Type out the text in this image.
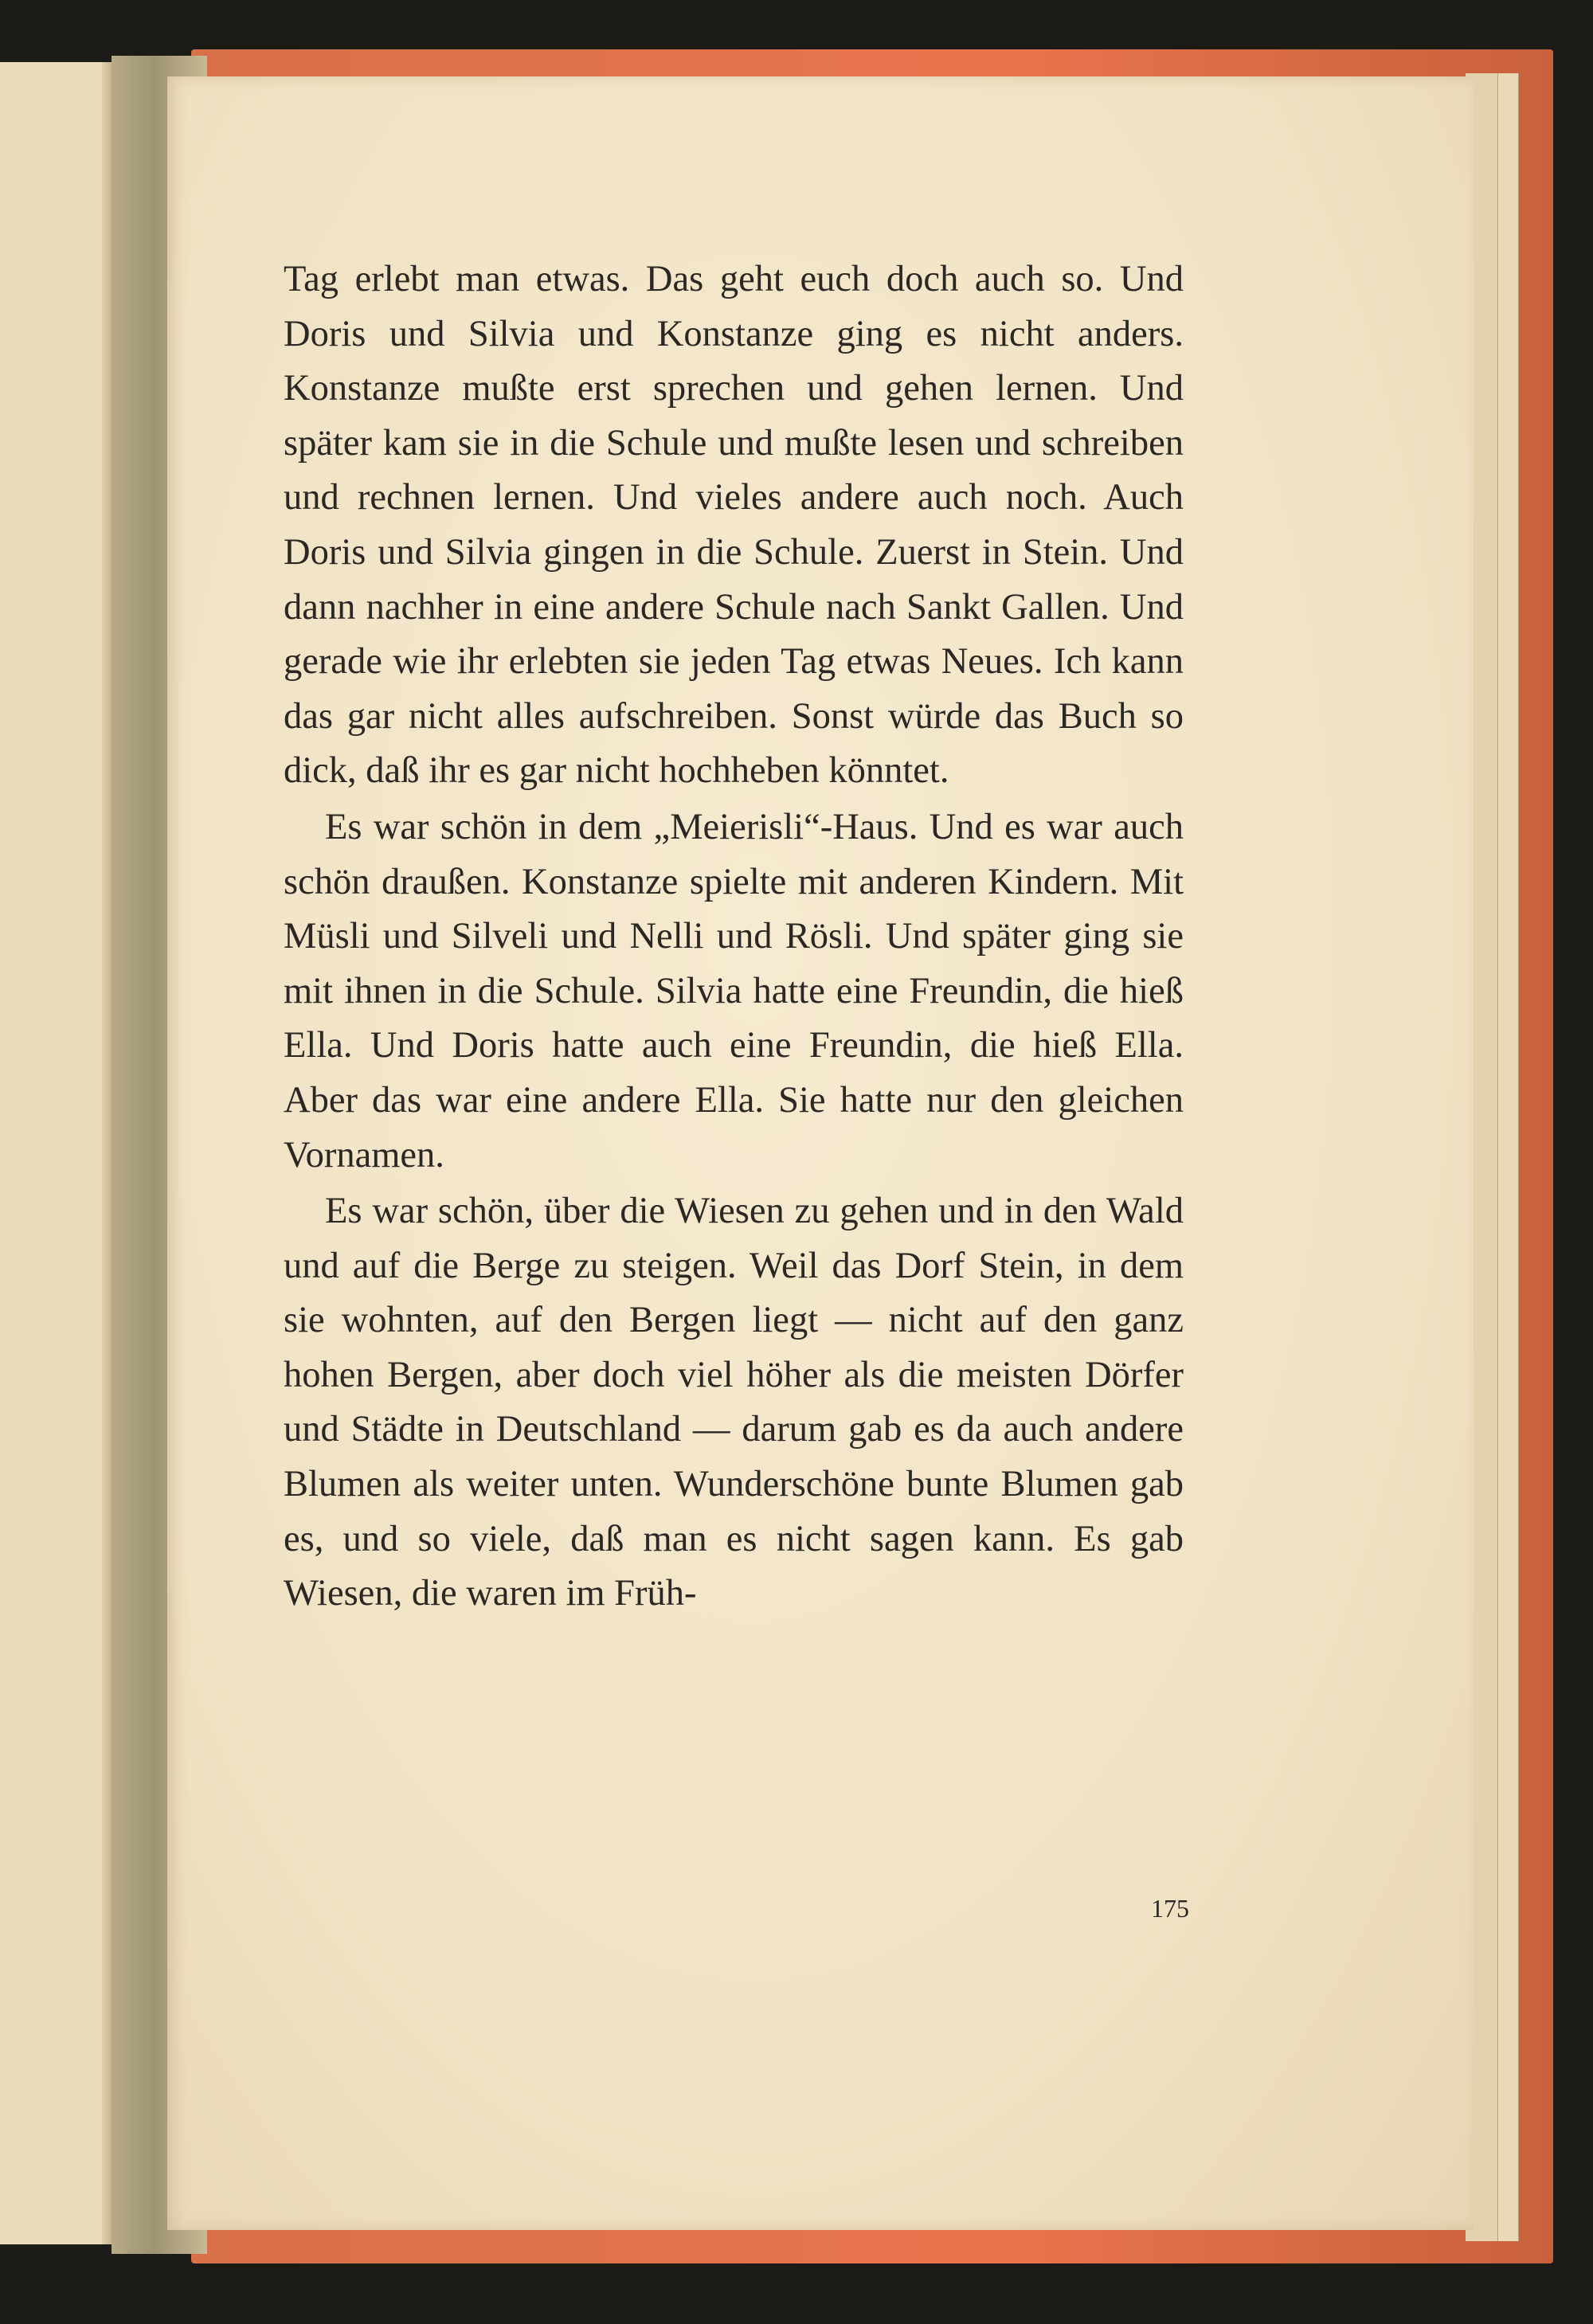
Tag erlebt man etwas. Das geht euch doch auch so. Und Doris und Silvia und Konstanze ging es nicht anders. Konstanze mußte erst sprechen und gehen lernen. Und später kam sie in die Schule und mußte lesen und schreiben und rechnen lernen. Und vieles andere auch noch. Auch Doris und Silvia gingen in die Schule. Zuerst in Stein. Und dann nachher in eine andere Schule nach Sankt Gallen. Und gerade wie ihr erlebten sie jeden Tag etwas Neues. Ich kann das gar nicht alles aufschreiben. Sonst würde das Buch so dick, daß ihr es gar nicht hochheben könntet.

Es war schön in dem „Meierisli“-Haus. Und es war auch schön draußen. Konstanze spielte mit anderen Kindern. Mit Müsli und Silveli und Nelli und Rösli. Und später ging sie mit ihnen in die Schule. Silvia hatte eine Freundin, die hieß Ella. Und Doris hatte auch eine Freundin, die hieß Ella. Aber das war eine andere Ella. Sie hatte nur den gleichen Vornamen.

Es war schön, über die Wiesen zu gehen und in den Wald und auf die Berge zu steigen. Weil das Dorf Stein, in dem sie wohnten, auf den Bergen liegt — nicht auf den ganz hohen Bergen, aber doch viel höher als die meisten Dörfer und Städte in Deutschland — darum gab es da auch andere Blumen als weiter unten. Wunderschöne bunte Blumen gab es, und so viele, daß man es nicht sagen kann. Es gab Wiesen, die waren im Früh-

175
